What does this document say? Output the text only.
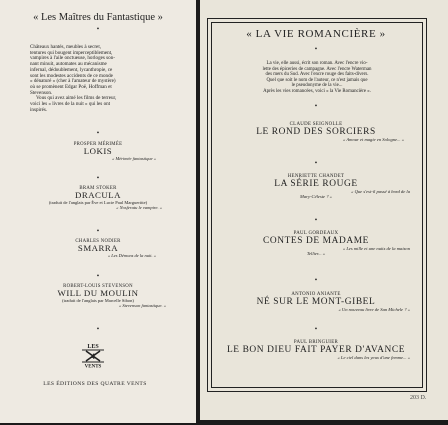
« Les Maîtres du Fantastique »
•
Châteaux hantés, meubles à secret,
tentures qui bougent imperceptiblement,
vampires à l'aile onctueuse, horloges son-
nant minuit, automates au mécanisme
infernal, dédoublement, lycanthropie, ce
sont les modestes accidents de ce monde
« dénaturé » (cher à l'amateur de mystère)
où se promènent Edgar Poë, Hoffman et
Stevenson.
Vous qui avez aimé les films de terreur,
voici les « livres de la nuit » qui les ont
inspirés.
•
PROSPER MÉRIMÉE
LOKIS
« Mérimée fantastique »
•
BRAM STOKER
DRACULA
(traduit de l'anglais par Ève et Lucie Paul Margueritte)
« Nosferatu le vampire. »
•
CHARLES NODIER
SMARRA
« Les Démons de la nuit. »
•
ROBERT-LOUIS STEVENSON
WILL DU MOULIN
(traduit de l'anglais par Marcelle Sibon)
« Stevenson fantastique. »
•
LES
4
VENTS
LES ÉDITIONS DES QUATRE VENTS
« LA VIE ROMANCIÈRE »
•
La vie, elle aussi, écrit son roman. Avec l'encre vio-
lette des épiceries de campagne. Avec l'encre Waterman
des mers du Sud. Avec l'encre rouge des faits-divers.
Quel que soit le nom de l'auteur, ce n'est jamais que
le pseudonyme de la vie...
Après les vies romancées, voici « la Vie Romancière ».
•
CLAUDE SEIGNOLLE
LE ROND DES SORCIERS
« Amour et magie en Sologne... »
•
HENRIETTE CHANDET
LA SÉRIE ROUGE
« Que s'est-il passé à bord de la
Mary-Céleste ? »
•
PAUL GORDEAUX
CONTES DE MADAME
« Les mille et une nuits de la maison
Tellier... »
•
ANTONIO ANIANTE
NÉ SUR LE MONT-GIBEL
« Un nouveau livre de San Michele ? »
•
PAUL BRINGUIER
LE BON DIEU FAIT PAYER D'AVANCE
« Le ciel dans les yeux d'une femme... »
203 D.
